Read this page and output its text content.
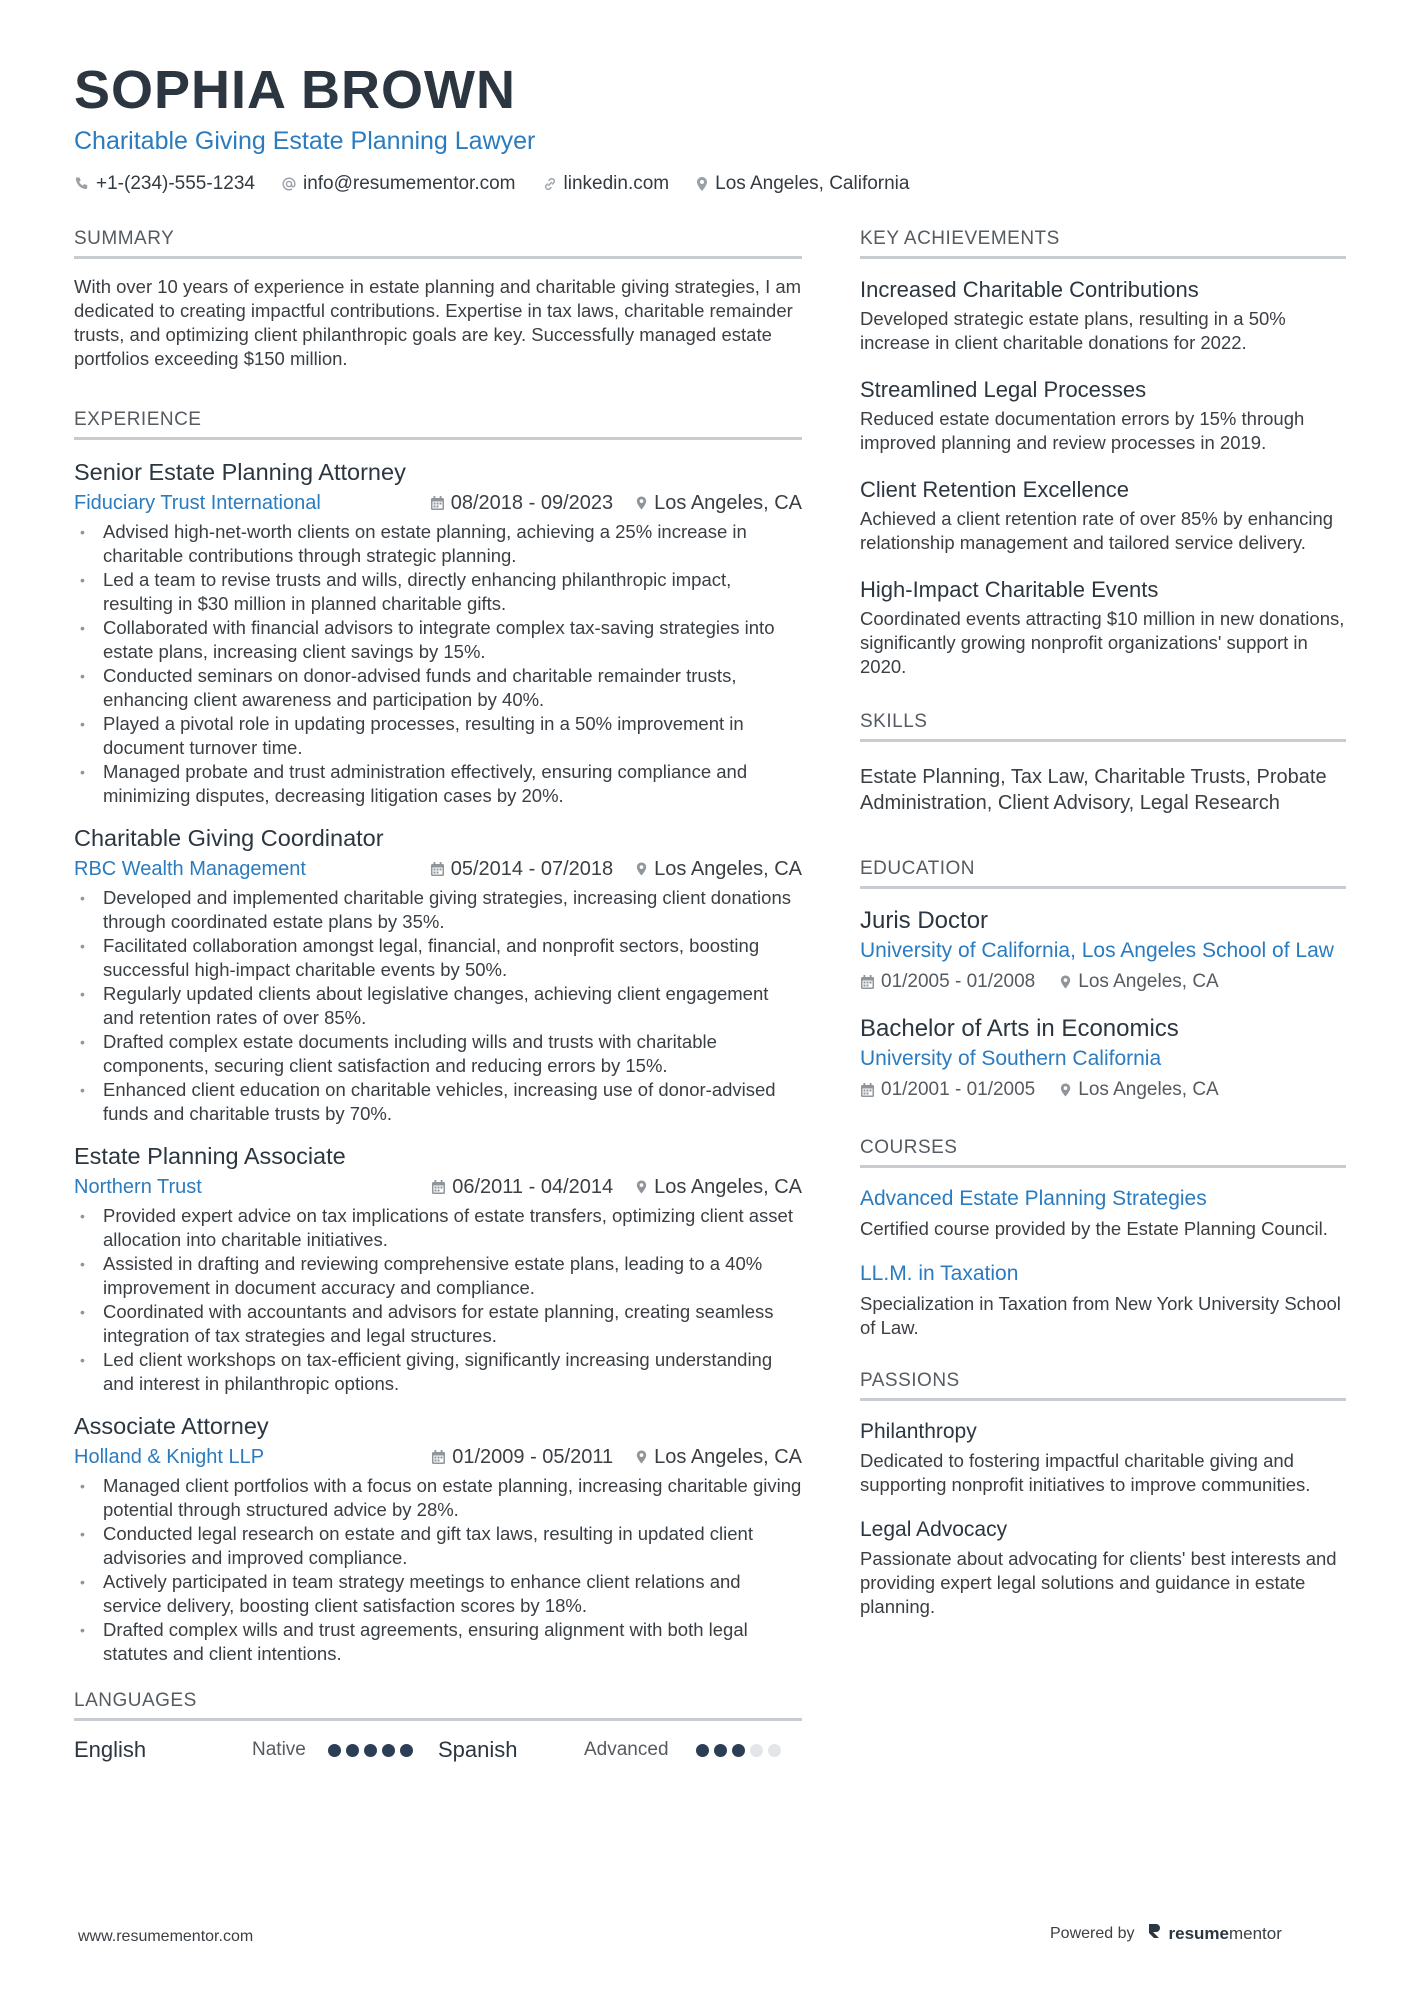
SOPHIA BROWN
Charitable Giving Estate Planning Lawyer
+1-(234)-555-1234	info@resumementor.com	linkedin.com Los Angeles, California
SUMMARY
With over 10 years of experience in estate planning and charitable giving strategies, I am dedicated to creating impactful contributions. Expertise in tax laws, charitable remainder trusts, and optimizing client philanthropic goals are key. Successfully managed estate portfolios exceeding $150 million.
EXPERIENCE
Senior Estate Planning Attorney
Fiduciary Trust International	08/2018 - 09/2023 Los Angeles, CA
• Advised high-net-worth clients on estate planning, achieving a 25% increase in charitable contributions through strategic planning.
• Led a team to revise trusts and wills, directly enhancing philanthropic impact, resulting in $30 million in planned charitable gifts.
• Collaborated with financial advisors to integrate complex tax-saving strategies into estate plans, increasing client savings by 15%.
• Conducted seminars on donor-advised funds and charitable remainder trusts, enhancing client awareness and participation by 40%.
• Played a pivotal role in updating processes, resulting in a 50% improvement in document turnover time.
• Managed probate and trust administration effectively, ensuring compliance and minimizing disputes, decreasing litigation cases by 20%.
Charitable Giving Coordinator
RBC Wealth Management	05/2014 - 07/2018 Los Angeles, CA
• Developed and implemented charitable giving strategies, increasing client donations through coordinated estate plans by 35%.
• Facilitated collaboration amongst legal, financial, and nonprofit sectors, boosting successful high-impact charitable events by 50%.
• Regularly updated clients about legislative changes, achieving client engagement and retention rates of over 85%.
• Drafted complex estate documents including wills and trusts with charitable components, securing client satisfaction and reducing errors by 15%.
• Enhanced client education on charitable vehicles, increasing use of donor-advised funds and charitable trusts by 70%.
Estate Planning Associate
Northern Trust	06/2011 - 04/2014 Los Angeles, CA
• Provided expert advice on tax implications of estate transfers, optimizing client asset allocation into charitable initiatives.
• Assisted in drafting and reviewing comprehensive estate plans, leading to a 40% improvement in document accuracy and compliance.
• Coordinated with accountants and advisors for estate planning, creating seamless integration of tax strategies and legal structures.
• Led client workshops on tax-efficient giving, significantly increasing understanding and interest in philanthropic options.
Associate Attorney
Holland & Knight LLP	01/2009 - 05/2011 Los Angeles, CA
• Managed client portfolios with a focus on estate planning, increasing charitable giving potential through structured advice by 28%.
• Conducted legal research on estate and gift tax laws, resulting in updated client advisories and improved compliance.
• Actively participated in team strategy meetings to enhance client relations and service delivery, boosting client satisfaction scores by 18%.
• Drafted complex wills and trust agreements, ensuring alignment with both legal statutes and client intentions.
LANGUAGES
English	Native	Spanish	Advanced
KEY ACHIEVEMENTS
Increased Charitable Contributions
Developed strategic estate plans, resulting in a 50% increase in client charitable donations for 2022.
Streamlined Legal Processes
Reduced estate documentation errors by 15% through improved planning and review processes in 2019.
Client Retention Excellence
Achieved a client retention rate of over 85% by enhancing relationship management and tailored service delivery.
High-Impact Charitable Events
Coordinated events attracting $10 million in new donations, significantly growing nonprofit organizations' support in 2020.
SKILLS
Estate Planning, Tax Law, Charitable Trusts, Probate Administration, Client Advisory, Legal Research
EDUCATION
Juris Doctor
University of California, Los Angeles School of Law
01/2005 - 01/2008 Los Angeles, CA
Bachelor of Arts in Economics
University of Southern California
01/2001 - 01/2005 Los Angeles, CA
COURSES
Advanced Estate Planning Strategies
Certified course provided by the Estate Planning Council.
LL.M. in Taxation
Specialization in Taxation from New York University School of Law.
PASSIONS
Philanthropy
Dedicated to fostering impactful charitable giving and supporting nonprofit initiatives to improve communities.
Legal Advocacy
Passionate about advocating for clients' best interests and providing expert legal solutions and guidance in estate planning.
www.resumementor.com	Powered by resumementor
